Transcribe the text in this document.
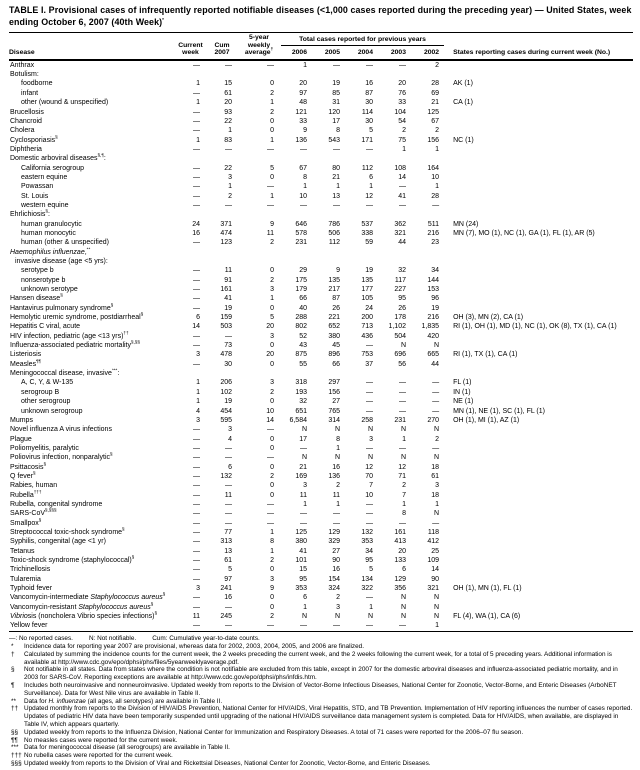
TABLE I. Provisional cases of infrequently reported notifiable diseases (<1,000 cases reported during the preceding year) — United States, week ending October 6, 2007 (40th Week)*
Disease	Current week	Cum 2007	5-year weekly average†	Total cases reported for previous years					States reporting cases during current week (No.)
				2006	2005	2004	2003	2002	
Anthrax	—	—	—	1	—	—	—	2	
Botulism:									
foodborne	1	15	0	20	19	16	20	28	AK (1)
infant	—	61	2	97	85	87	76	69	
other (wound & unspecified)	1	20	1	48	31	30	33	21	CA (1)
Brucellosis	—	93	2	121	120	114	104	125	
Chancroid	—	22	0	33	17	30	54	67	
Cholera	—	1	0	9	8	5	2	2	
Cyclosporiasis§	1	83	1	136	543	171	75	156	NC (1)
Diphtheria	—	—	—	—	—	—	1	1	
Domestic arboviral diseases§,¶:									
California serogroup	—	22	5	67	80	112	108	164	
eastern equine	—	3	0	8	21	6	14	10	
Powassan	—	1	—	1	1	1	—	1	
St. Louis	—	2	1	10	13	12	41	28	
western equine	—	—	—	—	—	—	—	—	
Ehrlichiosis§:									
human granulocytic	24	371	9	646	786	537	362	511	MN (24)
human monocytic	16	474	11	578	506	338	321	216	MN (7), MO (1), NC (1), GA (1), FL (1), AR (5)
human (other & unspecified)	—	123	2	231	112	59	44	23	
Haemophilus influenzae,**
invasive disease (age <5 yrs):									
serotype b	—	11	0	29	9	19	32	34	
nonserotype b	—	91	2	175	135	135	117	144	
unknown serotype	—	161	3	179	217	177	227	153	
Hansen disease§	—	41	1	66	87	105	95	96	
Hantavirus pulmonary syndrome§	—	19	0	40	26	24	26	19	
Hemolytic uremic syndrome, postdiarrheal§	6	159	5	288	221	200	178	216	OH (3), MN (2), CA (1)
Hepatitis C viral, acute	14	503	20	802	652	713	1,102	1,835	RI (1), OH (1), MD (1), NC (1), OK (8), TX (1), CA (1)
HIV infection, pediatric (age <13 yrs)††	—	—	3	52	380	436	504	420	
Influenza-associated pediatric mortality§,§§	—	73	0	43	45	—	N	N	
Listeriosis	3	478	20	875	896	753	696	665	RI (1), TX (1), CA (1)
Measles¶¶	—	30	0	55	66	37	56	44	
Meningococcal disease, invasive***:									
A, C, Y, & W-135	1	206	3	318	297	—	—	—	FL (1)
serogroup B	1	102	2	193	156	—	—	—	IN (1)
other serogroup	1	19	0	32	27	—	—	—	NE (1)
unknown serogroup	4	454	10	651	765	—	—	—	MN (1), NE (1), SC (1), FL (1)
Mumps	3	595	14	6,584	314	258	231	270	OH (1), MI (1), AZ (1)
Novel influenza A virus infections	—	3	—	N	N	N	N	N	
Plague	—	4	0	17	8	3	1	2	
Poliomyelitis, paralytic	—	—	0	—	1	—	—	—	
Poliovirus infection, nonparalytic§	—	—	—	N	N	N	N	N	
Psittacosis§	—	6	0	21	16	12	12	18	
Q fever§	—	132	2	169	136	70	71	61	
Rabies, human	—	—	0	3	2	7	2	3	
Rubella†††	—	11	0	11	11	10	7	18	
Rubella, congenital syndrome	—	—	—	1	1	—	1	1	
SARS-CoV§,§§§	—	—	—	—	—	—	8	N	
Smallpox§	—	—	—	—	—	—	—	—	
Streptococcal toxic-shock syndrome§	—	77	1	125	129	132	161	118	
Syphilis, congenital (age <1 yr)	—	313	8	380	329	353	413	412	
Tetanus	—	13	1	41	27	34	20	25	
Toxic-shock syndrome (staphylococcal)§	—	61	2	101	90	95	133	109	
Trichinellosis	—	5	0	15	16	5	6	14	
Tularemia	—	97	3	95	154	134	129	90	
Typhoid fever	3	241	9	353	324	322	356	321	OH (1), MN (1), FL (1)
Vancomycin-intermediate Staphylococcus aureus§	—	16	0	6	2	—	N	N	
Vancomycin-resistant Staphylococcus aureus§	—	—	0	1	3	1	N	N	
Vibriosis (noncholera Vibrio species infections)§	11	245	2	N	N	N	N	N	FL (4), WA (1), CA (6)
Yellow fever	—	—	—	—	—	—	—	1	
—: No reported cases.	N: Not notifiable.	Cum: Cumulative year-to-date counts.
*	Incidence data for reporting year 2007 are provisional, whereas data for 2002, 2003, 2004, 2005, and 2006 are finalized.
†	Calculated by summing the incidence counts for the current week, the 2 weeks preceding the current week, and the 2 weeks following the current week, for a total of 5 preceding years. Additional information is available at http://www.cdc.gov/epo/dphsi/phs/files/5yearweeklyaverage.pdf.
§	Not notifiable in all states. Data from states where the condition is not notifiable are excluded from this table, except in 2007 for the domestic arboviral diseases and influenza-associated pediatric mortality, and in 2003 for SARS-CoV. Reporting exceptions are available at http://www.cdc.gov/epo/dphsi/phs/infdis.htm.
¶	Includes both neuroinvasive and nonneuroinvasive. Updated weekly from reports to the Division of Vector-Borne Infectious Diseases, National Center for Zoonotic, Vector-Borne, and Enteric Diseases (ArboNET Surveillance). Data for West Nile virus are available in Table II.
**	Data for H. influenzae (all ages, all serotypes) are available in Table II.
†† Updated monthly from reports to the Division of HIV/AIDS Prevention, National Center for HIV/AIDS, Viral Hepatitis, STD, and TB Prevention. Implementation of HIV reporting influences the number of cases reported. Updates of pediatric HIV data have been temporarily suspended until upgrading of the national HIV/AIDS surveillance data management system is completed. Data for HIV/AIDS, when available, are displayed in Table IV, which appears quarterly.
§§ Updated weekly from reports to the Influenza Division, National Center for Immunization and Respiratory Diseases. A total of 71 cases were reported for the 2006–07 flu season.
¶¶ No measles cases were reported for the current week.
*** Data for meningococcal disease (all serogroups) are available in Table II.
††† No rubella cases were reported for the current week.
§§§ Updated weekly from reports to the Division of Viral and Rickettsial Diseases, National Center for Zoonotic, Vector-Borne, and Enteric Diseases.
